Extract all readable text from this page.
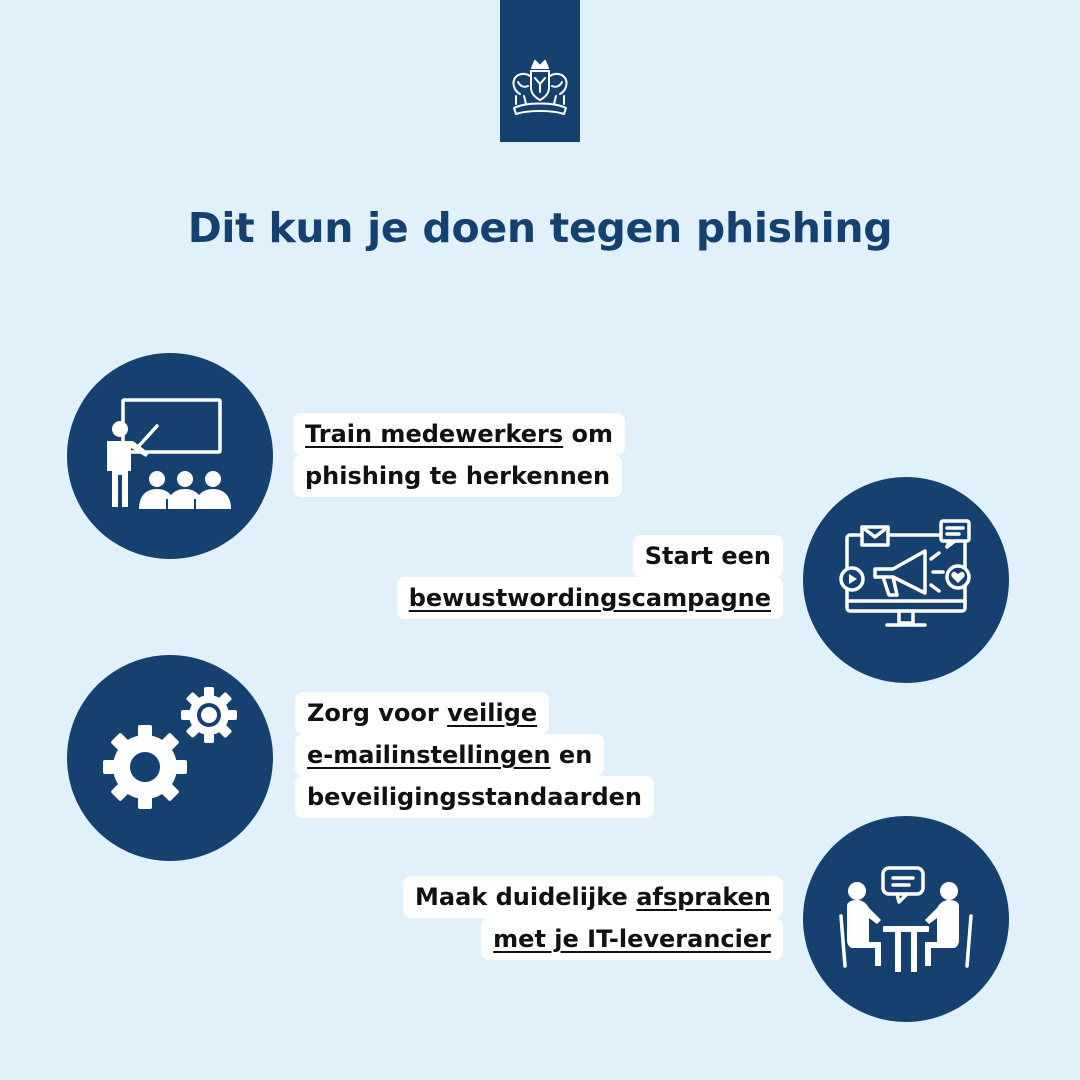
Dit kun je doen tegen phishing
Train medewerkers om
phishing te herkennen
Start een
bewustwordingscampagne
Zorg voor veilige
e-mailinstellingen en
beveiligingsstandaarden
Maak duidelijke afspraken
met je IT-leverancier
